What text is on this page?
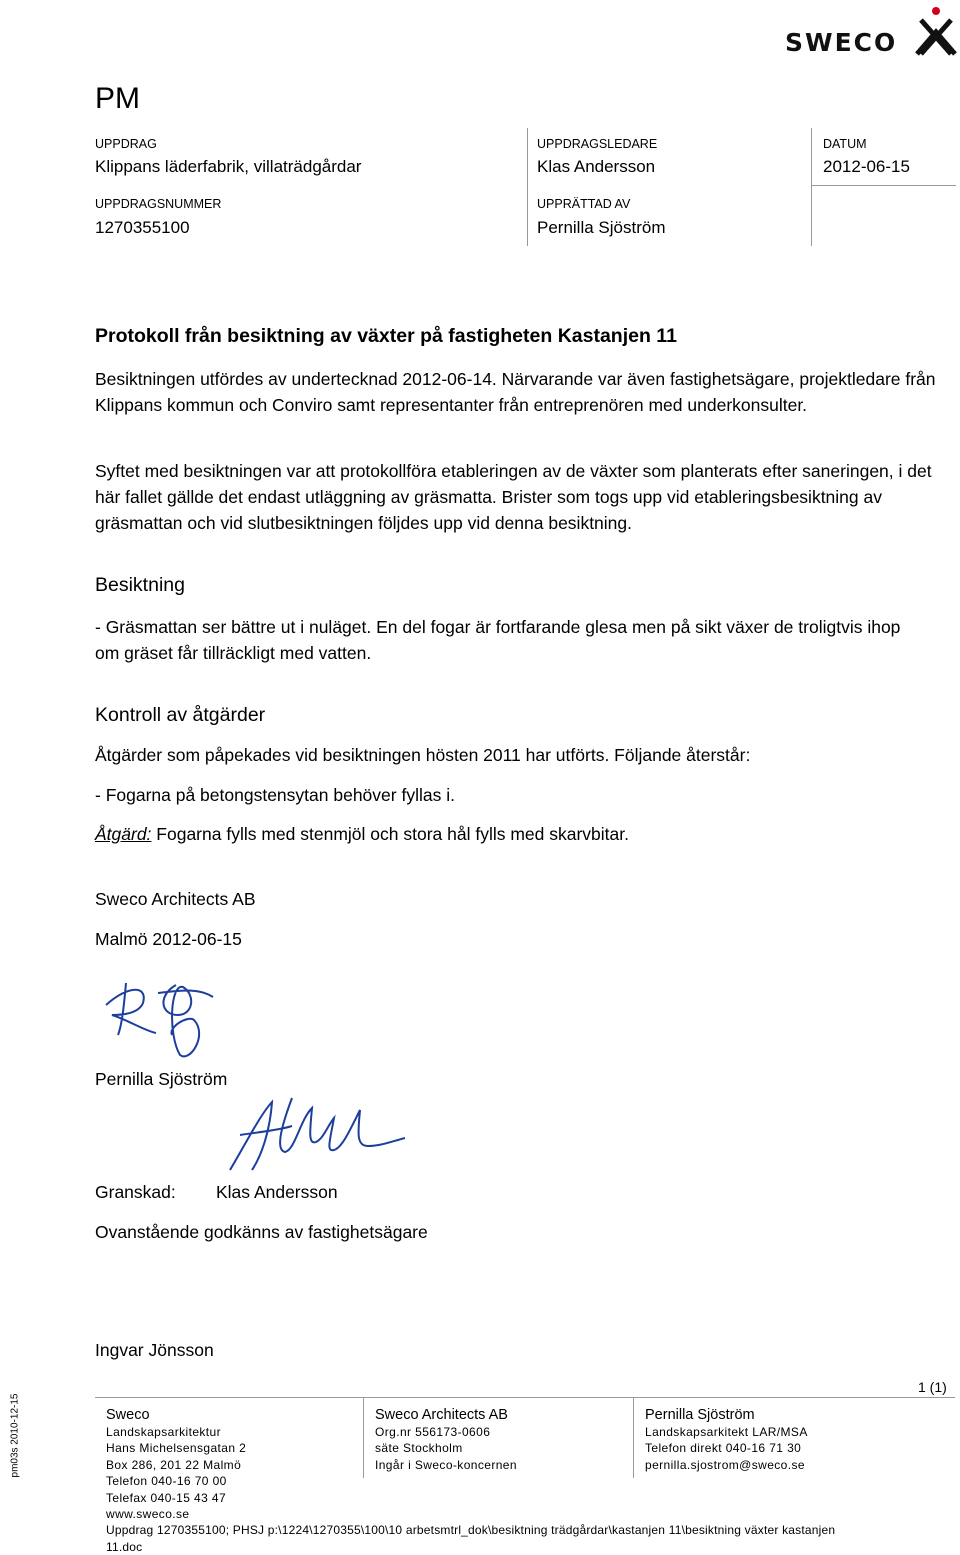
SWECO
PM
UPPDRAG
Klippans läderfabrik, villaträdgårdar
UPPDRAGSLEDARE
Klas Andersson
DATUM
2012-06-15
UPPDRAGSNUMMER
1270355100
UPPRÄTTAD AV
Pernilla Sjöström
Protokoll från besiktning av växter på fastigheten Kastanjen 11
Besiktningen utfördes av undertecknad 2012-06-14. Närvarande var även fastighetsägare, projektledare från Klippans kommun och Conviro samt representanter från entreprenören med underkonsulter.
Syftet med besiktningen var att protokollföra etableringen av de växter som planterats efter saneringen, i det här fallet gällde det endast utläggning av gräsmatta. Brister som togs upp vid etableringsbesiktning av gräsmattan och vid slutbesiktningen följdes upp vid denna besiktning.
Besiktning
- Gräsmattan ser bättre ut i nuläget. En del fogar är fortfarande glesa men på sikt växer de troligtvis ihop om gräset får tillräckligt med vatten.
Kontroll av åtgärder
Åtgärder som påpekades vid besiktningen hösten 2011 har utförts. Följande återstår:
- Fogarna på betongstensytan behöver fyllas i.
Åtgärd: Fogarna fylls med stenmjöl och stora hål fylls med skarvbitar.
Sweco Architects AB
Malmö 2012-06-15
Pernilla Sjöström
Granskad: Klas Andersson
Ovanstående godkänns av fastighetsägare
Ingvar Jönsson
1 (1)
pm03s 2010-12-15	Sweco
Landskapsarkitektur
Hans Michelsensgatan 2
Box 286, 201 22 Malmö
Telefon 040-16 70 00
Telefax 040-15 43 47
www.sweco.se
Sweco Architects AB
Org.nr 556173-0606
säte Stockholm
Ingår i Sweco-koncernen
Pernilla Sjöström
Landskapsarkitekt LAR/MSA
Telefon direkt 040-16 71 30
pernilla.sjostrom@sweco.se
Uppdrag 1270355100; PHSJ p:\1224\1270355\100\10 arbetsmtrl_dok\besiktning trädgårdar\kastanjen 11\besiktning växter kastanjen
11.doc
